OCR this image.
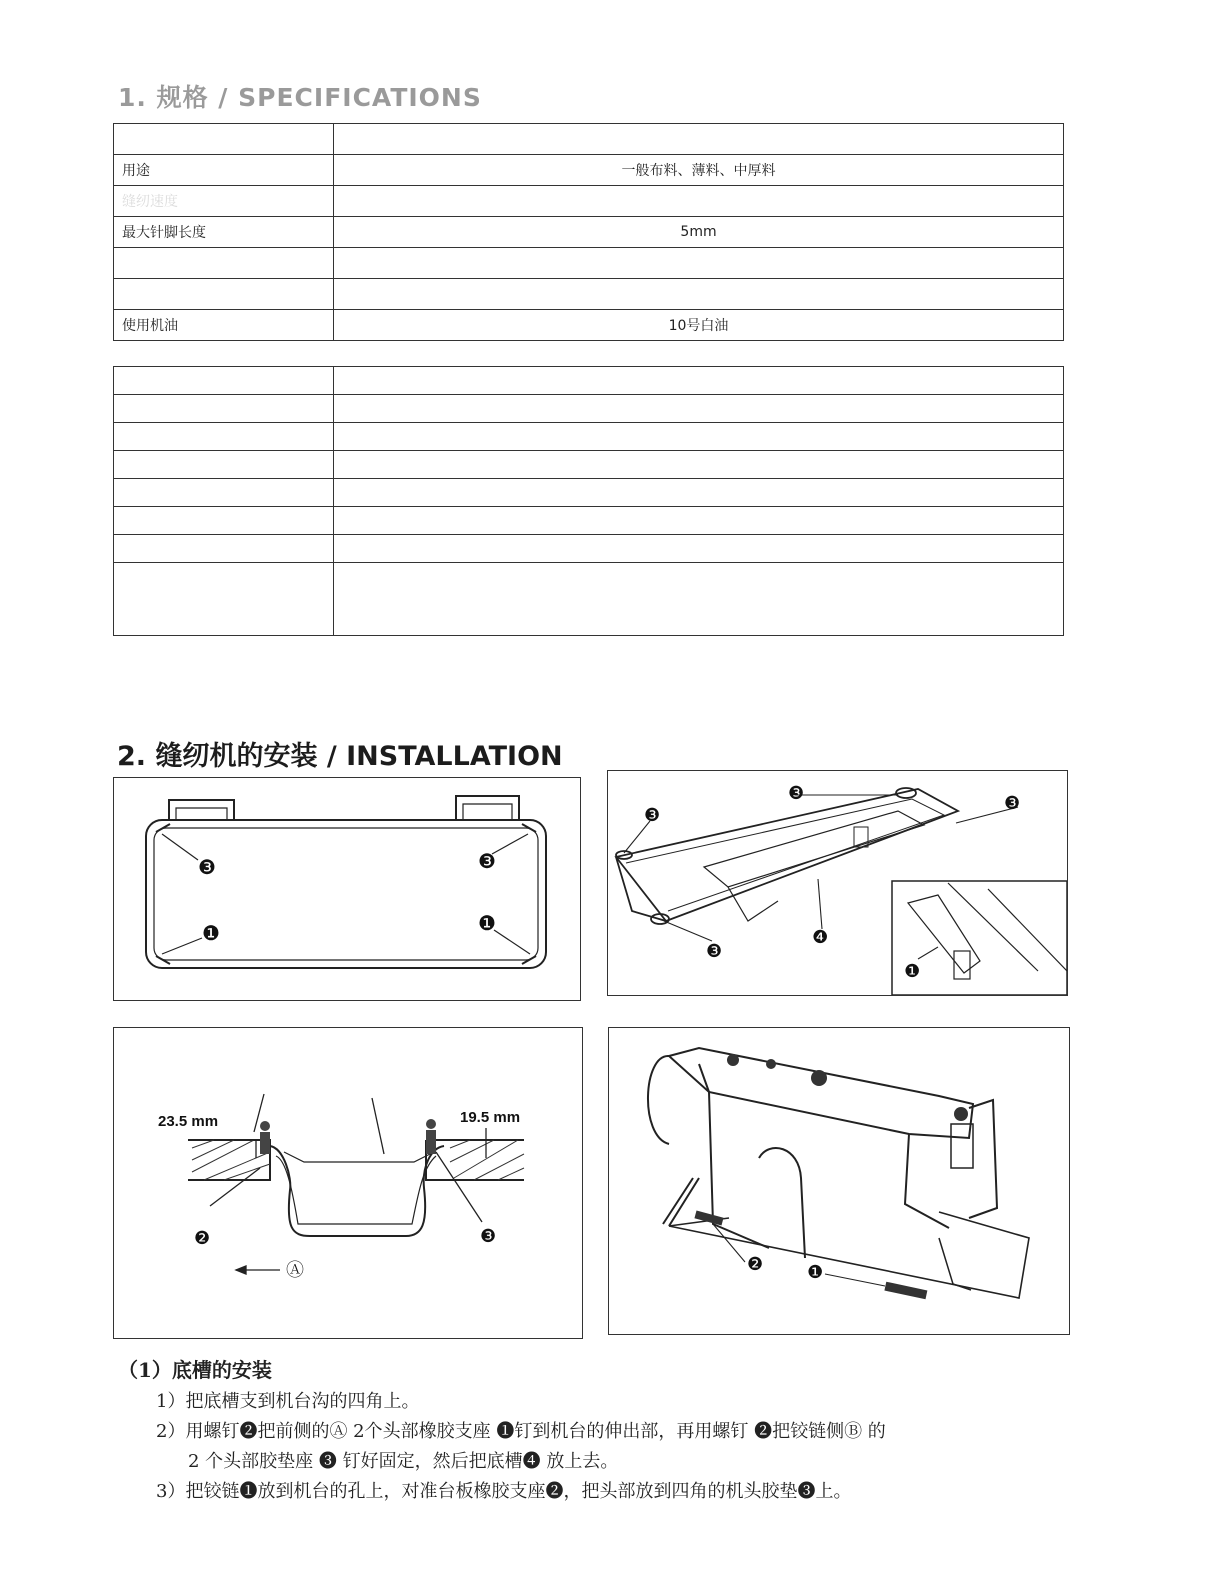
1. 规格 / SPECIFICATIONS

用途	一般布料、薄料、中厚料
缝纫速度	
最大针脚长度	5mm

使用机油	10号白油

2. 缝纫机的安装 / INSTALLATION
❸	❸
❶	❶
❸	❸
❸
❸
❹
❶
23.5 mm	19.5 mm
❷	❸
Ⓐ	❷ ❶
（1）底槽的安装
1）把底槽支到机台沟的四角上。
2）用螺钉❷把前侧的Ⓐ 2个头部橡胶支座 ❶钉到机台的伸出部，再用螺钉 ❷把铰链侧Ⓑ 的
2 个头部胶垫座 ❸ 钉好固定，然后把底槽❹ 放上去。
3）把铰链❶放到机台的孔上，对准台板橡胶支座❷，把头部放到四角的机头胶垫❸上。
